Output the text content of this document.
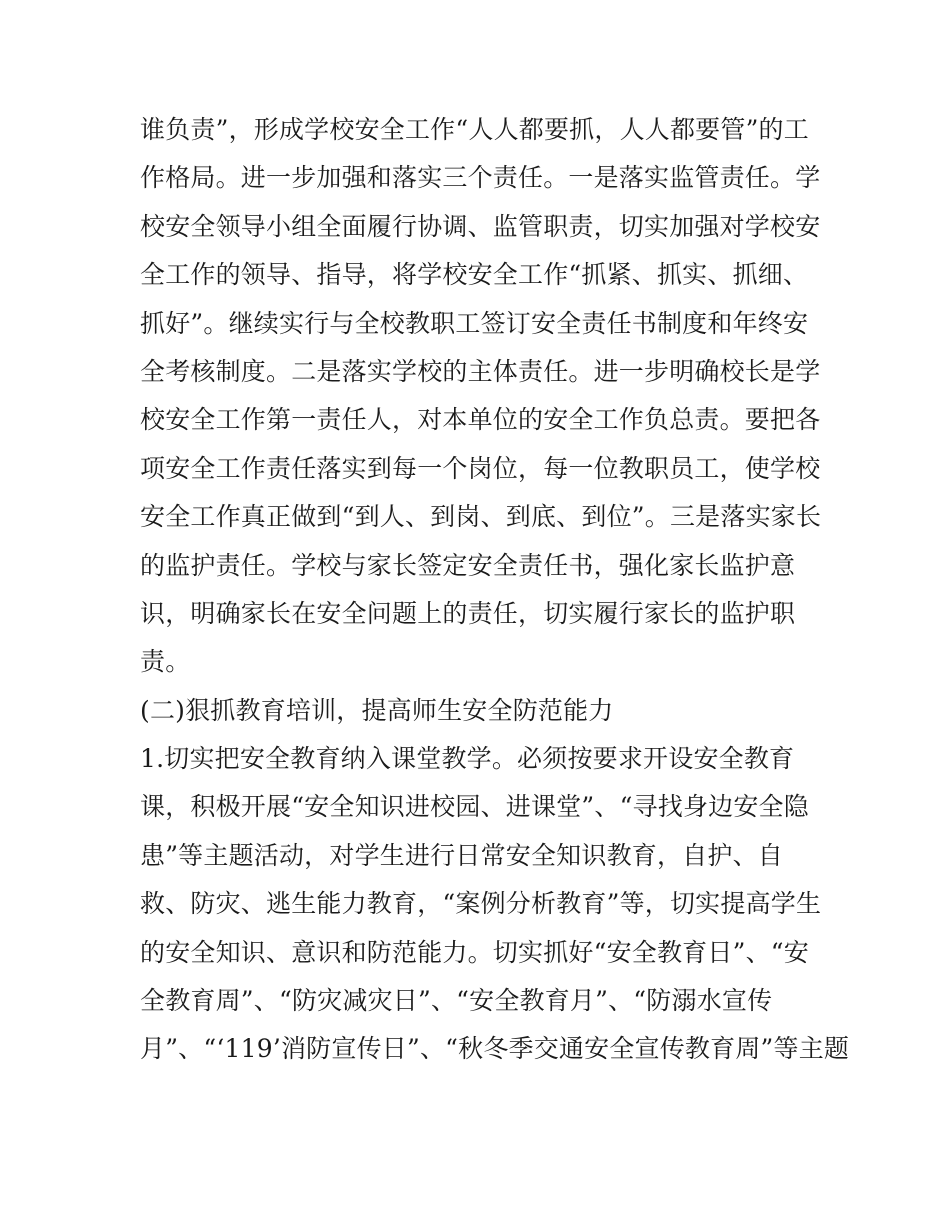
谁负责”，形成学校安全工作“人人都要抓，人人都要管”的工
作格局。进一步加强和落实三个责任。一是落实监管责任。学
校安全领导小组全面履行协调、监管职责，切实加强对学校安
全工作的领导、指导，将学校安全工作“抓紧、抓实、抓细、
抓好”。继续实行与全校教职工签订安全责任书制度和年终安
全考核制度。二是落实学校的主体责任。进一步明确校长是学
校安全工作第一责任人，对本单位的安全工作负总责。要把各
项安全工作责任落实到每一个岗位，每一位教职员工，使学校
安全工作真正做到“到人、到岗、到底、到位”。三是落实家长
的监护责任。学校与家长签定安全责任书，强化家长监护意
识，明确家长在安全问题上的责任，切实履行家长的监护职
责。
(二)狠抓教育培训，提高师生安全防范能力
1.切实把安全教育纳入课堂教学。必须按要求开设安全教育
课，积极开展“安全知识进校园、进课堂”、“寻找身边安全隐
患”等主题活动，对学生进行日常安全知识教育，自护、自
救、防灾、逃生能力教育，“案例分析教育”等，切实提高学生
的安全知识、意识和防范能力。切实抓好“安全教育日”、“安
全教育周”、“防灾减灾日”、“安全教育月”、“防溺水宣传
月”、“‘119’消防宣传日”、“秋冬季交通安全宣传教育周”等主题
